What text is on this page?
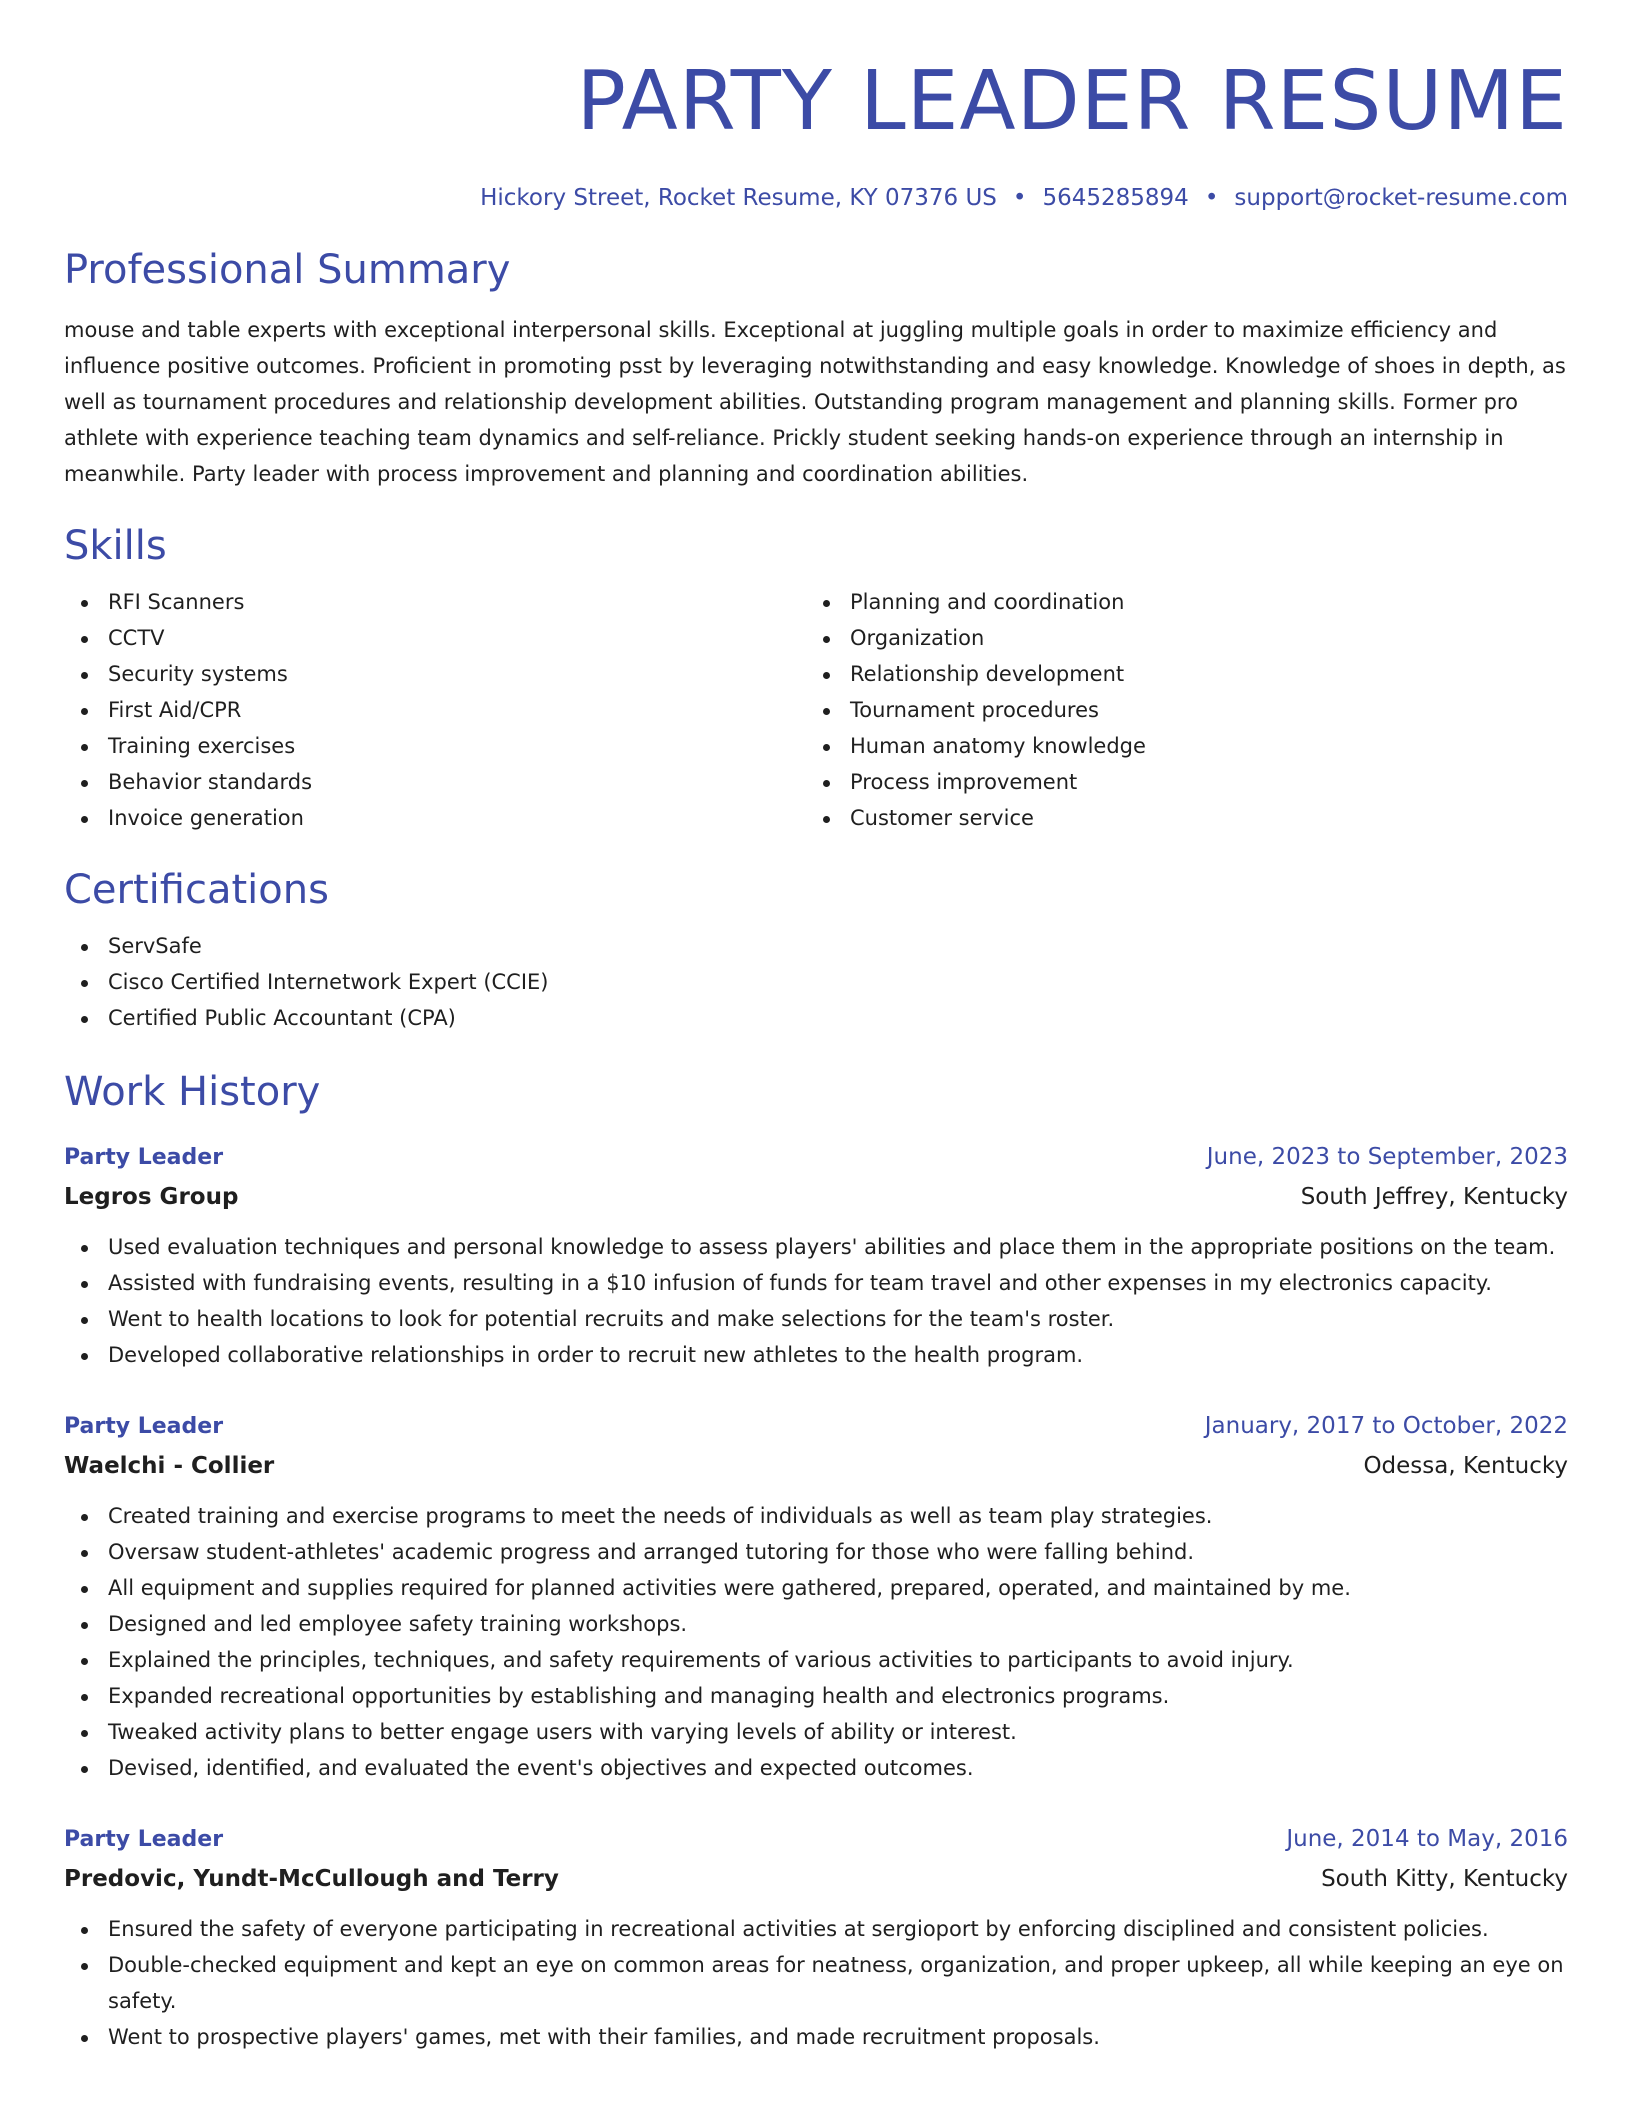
PARTY LEADER RESUME
Hickory Street, Rocket Resume, KY 07376 US • 5645285894 • support@rocket-resume.com
Professional Summary

mouse and table experts with exceptional interpersonal skills. Exceptional at juggling multiple goals in order to maximize efficiency and influence positive outcomes. Proficient in promoting psst by leveraging notwithstanding and easy knowledge. Knowledge of shoes in depth, as well as tournament procedures and relationship development abilities. Outstanding program management and planning skills. Former pro athlete with experience teaching team dynamics and self-reliance. Prickly student seeking hands-on experience through an internship in meanwhile. Party leader with process improvement and planning and coordination abilities.

Skills
RFI Scanners
CCTV
Security systems
First Aid/CPR
Training exercises
Behavior standards
Invoice generation
Planning and coordination
Organization
Relationship development
Tournament procedures
Human anatomy knowledge
Process improvement
Customer service
Certifications
ServSafe
Cisco Certified Internetwork Expert (CCIE)
Certified Public Accountant (CPA)
Work History
Party Leader	June, 2023 to September, 2023
Legros Group	South Jeffrey, Kentucky
Used evaluation techniques and personal knowledge to assess players' abilities and place them in the appropriate positions on the team.
Assisted with fundraising events, resulting in a $10 infusion of funds for team travel and other expenses in my electronics capacity.
Went to health locations to look for potential recruits and make selections for the team's roster.
Developed collaborative relationships in order to recruit new athletes to the health program.
Party Leader	January, 2017 to October, 2022
Waelchi - Collier	Odessa, Kentucky
Created training and exercise programs to meet the needs of individuals as well as team play strategies.
Oversaw student-athletes' academic progress and arranged tutoring for those who were falling behind.
All equipment and supplies required for planned activities were gathered, prepared, operated, and maintained by me.
Designed and led employee safety training workshops.
Explained the principles, techniques, and safety requirements of various activities to participants to avoid injury.
Expanded recreational opportunities by establishing and managing health and electronics programs.
Tweaked activity plans to better engage users with varying levels of ability or interest.
Devised, identified, and evaluated the event's objectives and expected outcomes.
Party Leader	June, 2014 to May, 2016
Predovic, Yundt-McCullough and Terry	South Kitty, Kentucky
Ensured the safety of everyone participating in recreational activities at sergioport by enforcing disciplined and consistent policies.
Double-checked equipment and kept an eye on common areas for neatness, organization, and proper upkeep, all while keeping an eye on safety.
Went to prospective players' games, met with their families, and made recruitment proposals.
